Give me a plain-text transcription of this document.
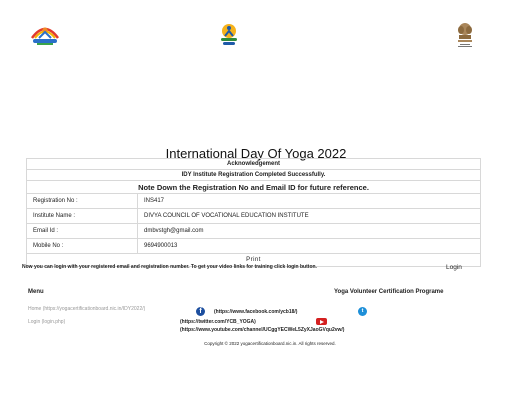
International Day Of Yoga 2022
Acknowledgement	
IDY Institute Registration Completed Successfully.	
Note Down the Registration No and Email ID for future reference.	
Registration No :	INS417
Institute Name :	DIVYA COUNCIL OF VOCATIONAL EDUCATION INSTITUTE
Email Id :	dmbvstgh@gmail.com
Mobile No :	9694900013
Print	
Now you can login with your registered email and registration number. To get your video links for training click login button.	Login
Menu	Yoga Volunteer Certification Programe
Home (https://yogacertificationboard.nic.in/IDY2022/)
Login (login.php)
f	(https://www.facebook.com/ycb18/)	t
(https://twitter.com/YCB_YOGA)
(https://www.youtube.com/channel/UCggYECWeL5ZyXJaoGVqu2vw/)
Copyright © 2022 yogacertificationboard.nic.in. All rights reserved.
